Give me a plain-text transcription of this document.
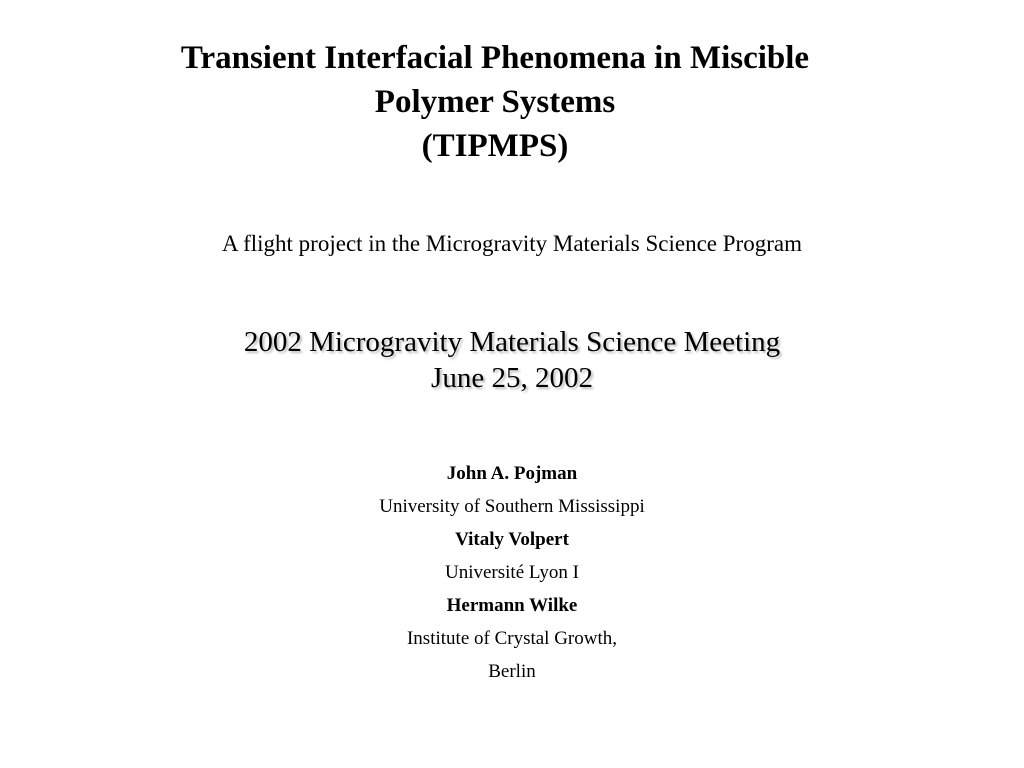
Transient Interfacial Phenomena in Miscible
Polymer Systems
(TIPMPS)

A flight project in the Microgravity Materials Science Program

2002 Microgravity Materials Science Meeting
June 25, 2002
John A. Pojman
University of Southern Mississippi
Vitaly Volpert
Université Lyon I
Hermann Wilke
Institute of Crystal Growth,
Berlin
